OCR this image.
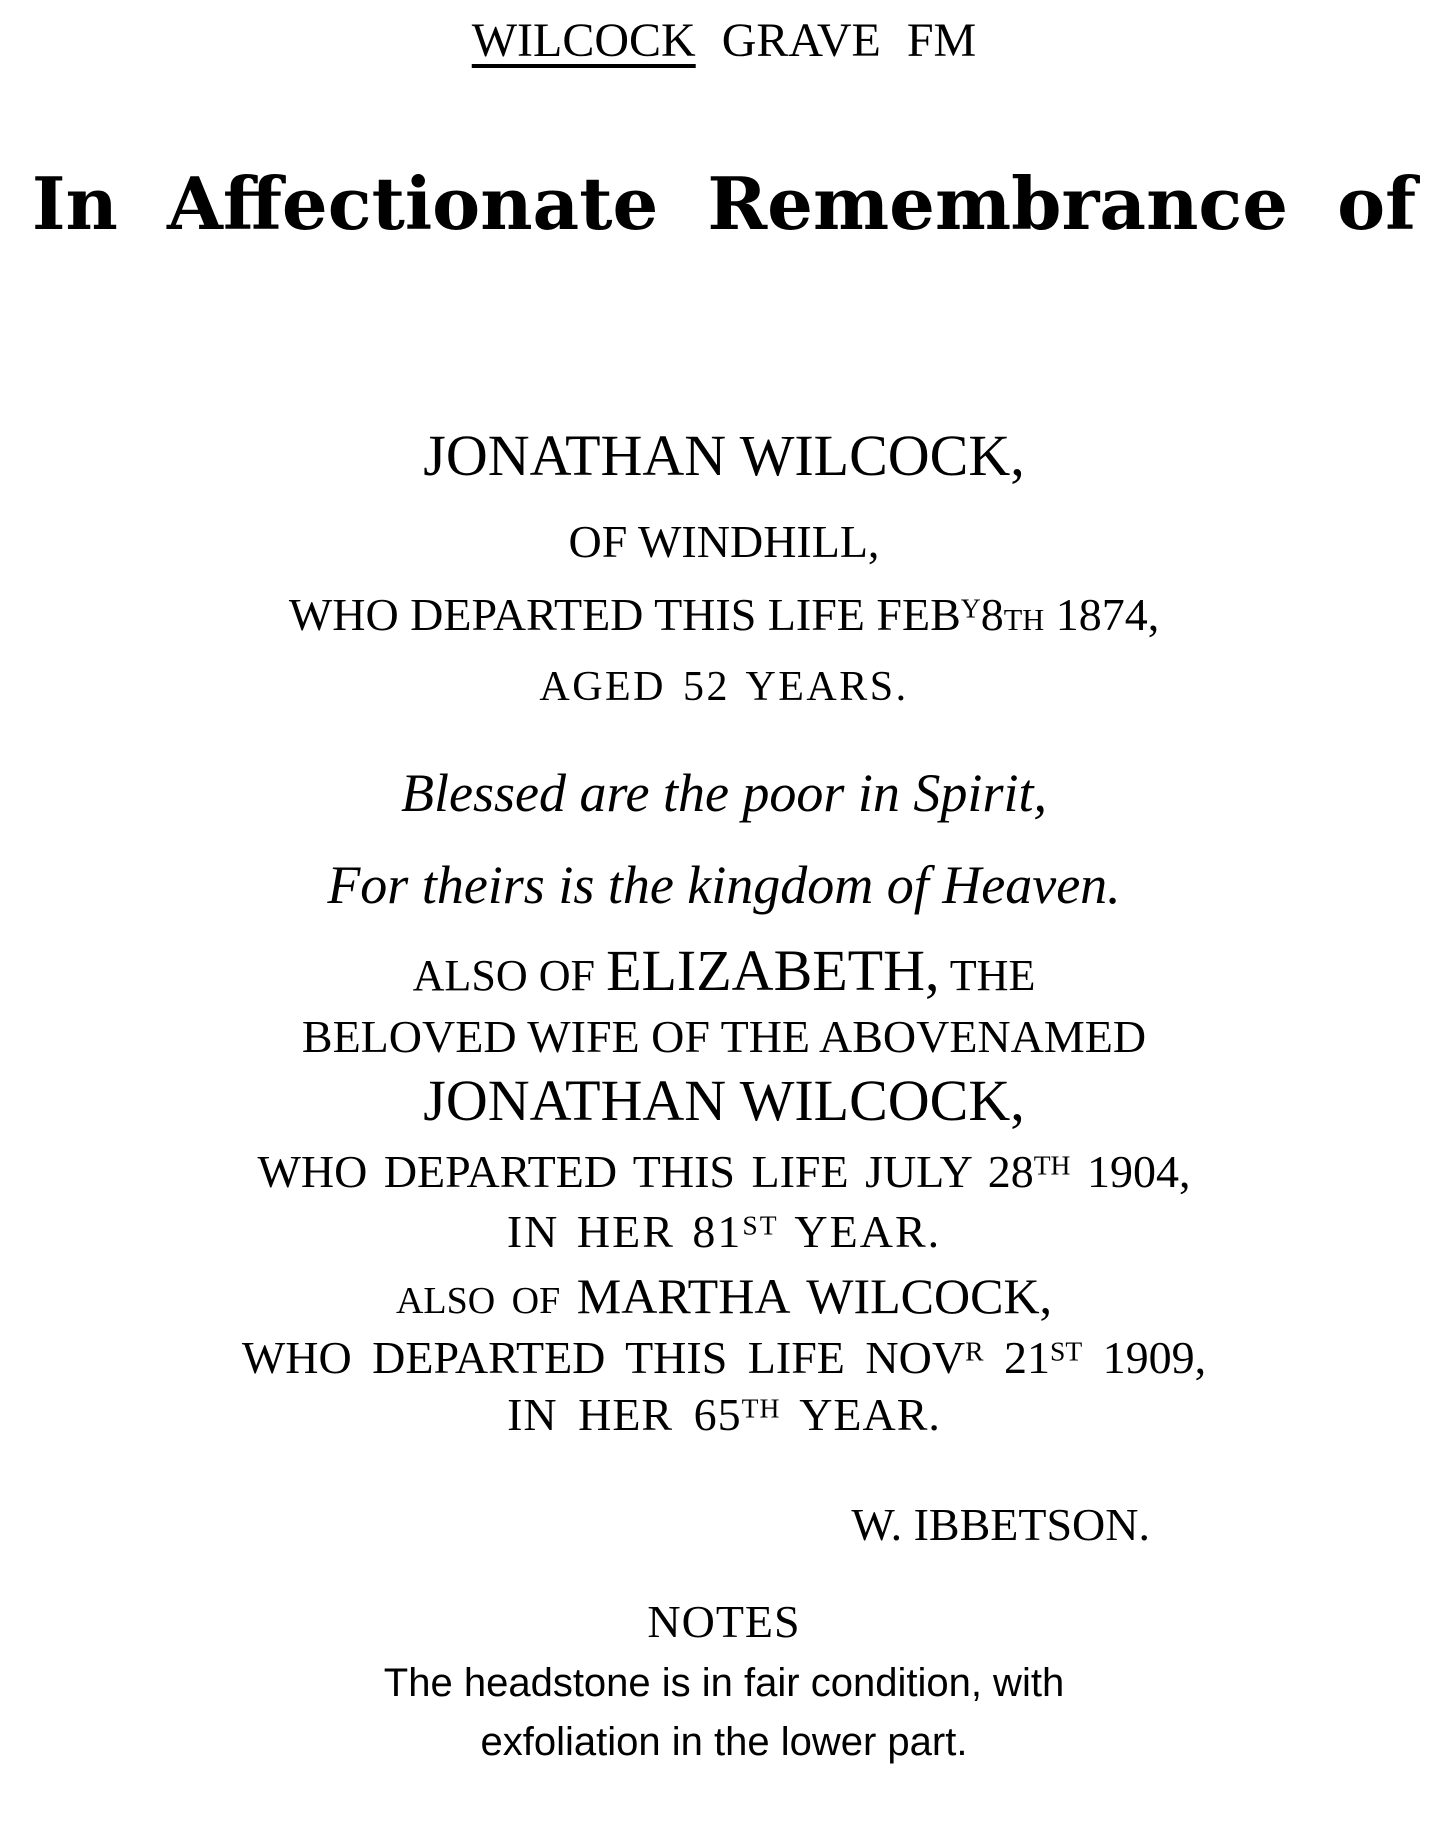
WILCOCK GRAVE FM
In Affectionate Remembrance of
JONATHAN WILCOCK,
OF WINDHILL,
WHO DEPARTED THIS LIFE $FEB^Y8TH$ 1874,
AGED 52 YEARS.
Blessed are the poor in Spirit,
For theirs is the kingdom of Heaven.
ALSO OF ELIZABETH, THE
BELOVED WIFE OF THE ABOVENAMED
JONATHAN WILCOCK,
WHO DEPARTED THIS LIFE JULY 28TH 1904,
IN HER 81ST YEAR.
ALSO OF MARTHA WILCOCK,
WHO DEPARTED THIS LIFE $NOV^R$ 21ST 1909,
IN HER 65TH YEAR.
W. IBBETSON.
NOTES
The headstone is in fair condition, with
exfoliation in the lower part.
